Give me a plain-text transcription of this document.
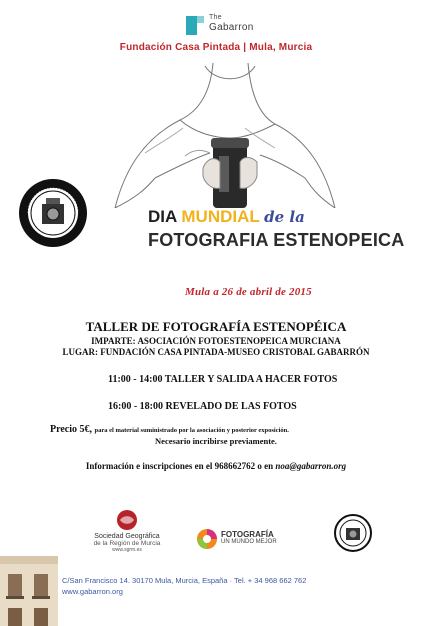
The
Gabarron
Fundación Casa Pintada | Mula, Murcia
DIA MUNDIAL de la
FOTOGRAFIA ESTENOPEICA
Mula a 26 de abril de 2015
TALLER DE FOTOGRAFÍA ESTENOPÉICA
IMPARTE: ASOCIACIÓN FOTOESTENOPEICA MURCIANA
LUGAR: FUNDACIÓN CASA PINTADA-MUSEO CRISTOBAL GABARRÓN
11:00 - 14:00 TALLER Y SALIDA A HACER FOTOS
16:00 - 18:00 REVELADO DE LAS FOTOS
Precio 5€, para el material suministrado por la asociación y posterior exposición.
Necesario incribirse previamente.
Información e inscripciones en el 968662762 o en noa@gabarron.org
Sociedad Geográfica
de la Región de Murcia
www.sgrm.es
FOTOGRAFÍA
UN MUNDO MEJOR
C/San Francisco 14. 30170 Mula, Murcia, España · Tel. + 34 968 662 762
www.gabarron.org
